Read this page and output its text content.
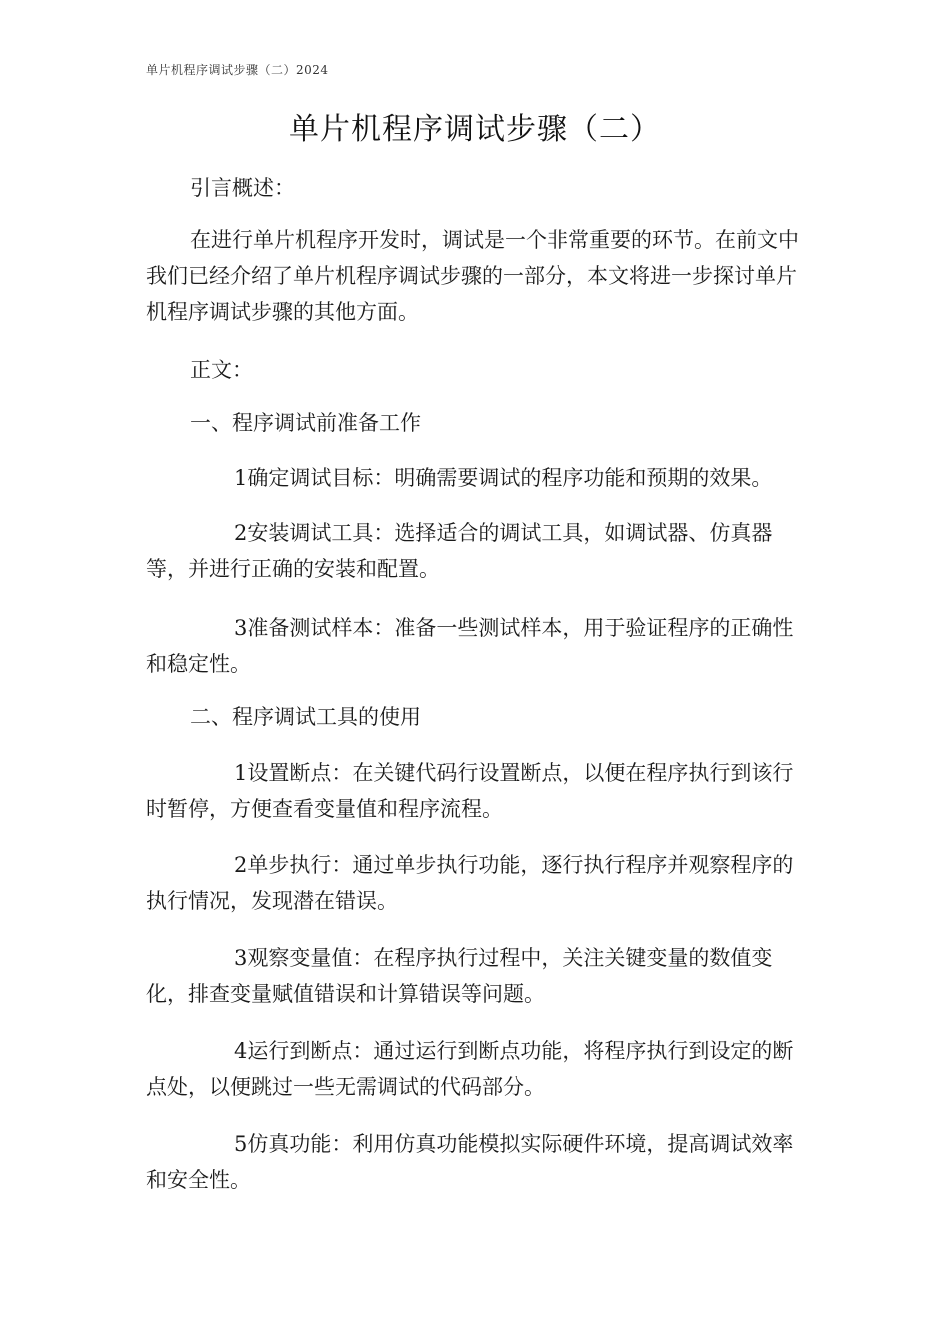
单片机程序调试步骤（二）2024
单片机程序调试步骤（二）

引言概述：

在进行单片机程序开发时，调试是一个非常重要的环节。在前文中我们已经介绍了单片机程序调试步骤的一部分，本文将进一步探讨单片机程序调试步骤的其他方面。

正文：

一、程序调试前准备工作

1确定调试目标：明确需要调试的程序功能和预期的效果。

2安装调试工具：选择适合的调试工具，如调试器、仿真器等，并进行正确的安装和配置。

3准备测试样本：准备一些测试样本，用于验证程序的正确性和稳定性。

二、程序调试工具的使用

1设置断点：在关键代码行设置断点，以便在程序执行到该行时暂停，方便查看变量值和程序流程。

2单步执行：通过单步执行功能，逐行执行程序并观察程序的执行情况，发现潜在错误。

3观察变量值：在程序执行过程中，关注关键变量的数值变化，排查变量赋值错误和计算错误等问题。

4运行到断点：通过运行到断点功能，将程序执行到设定的断点处，以便跳过一些无需调试的代码部分。

5仿真功能：利用仿真功能模拟实际硬件环境，提高调试效率和安全性。
